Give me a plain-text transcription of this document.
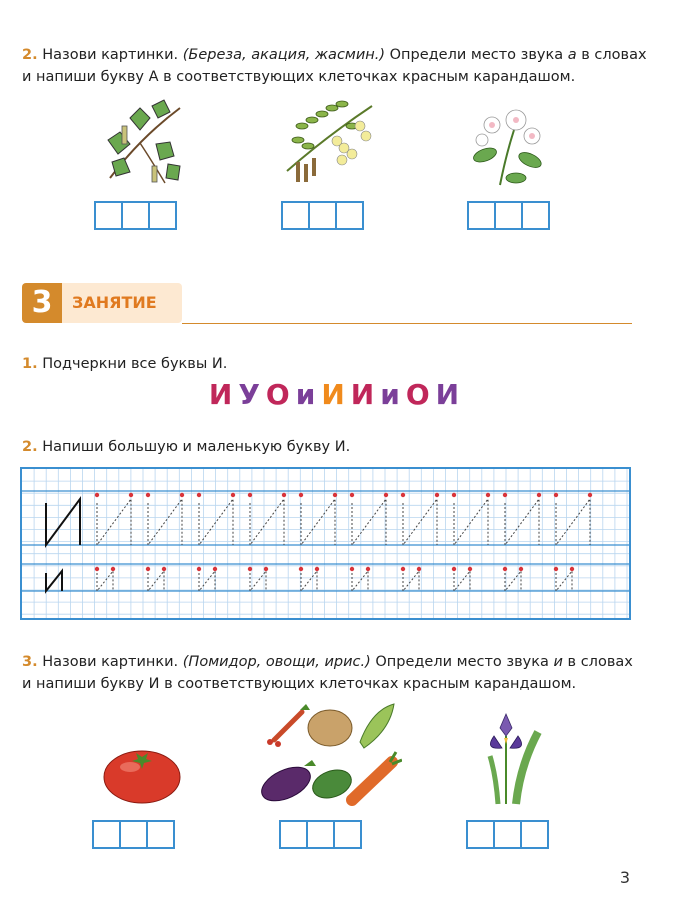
2. Назови картинки. (Береза, акация, жасмин.) Определи место звука а в словах
и напиши букву А в соответствующих клеточках красным карандашом.
3	ЗАНЯТИЕ
1. Подчеркни все буквы И.
ИУОиИИиОИ
2. Напиши большую и маленькую букву И.
3. Назови картинки. (Помидор, овощи, ирис.) Определи место звука и в словах
и напиши букву И в соответствующих клеточках красным карандашом.
3
